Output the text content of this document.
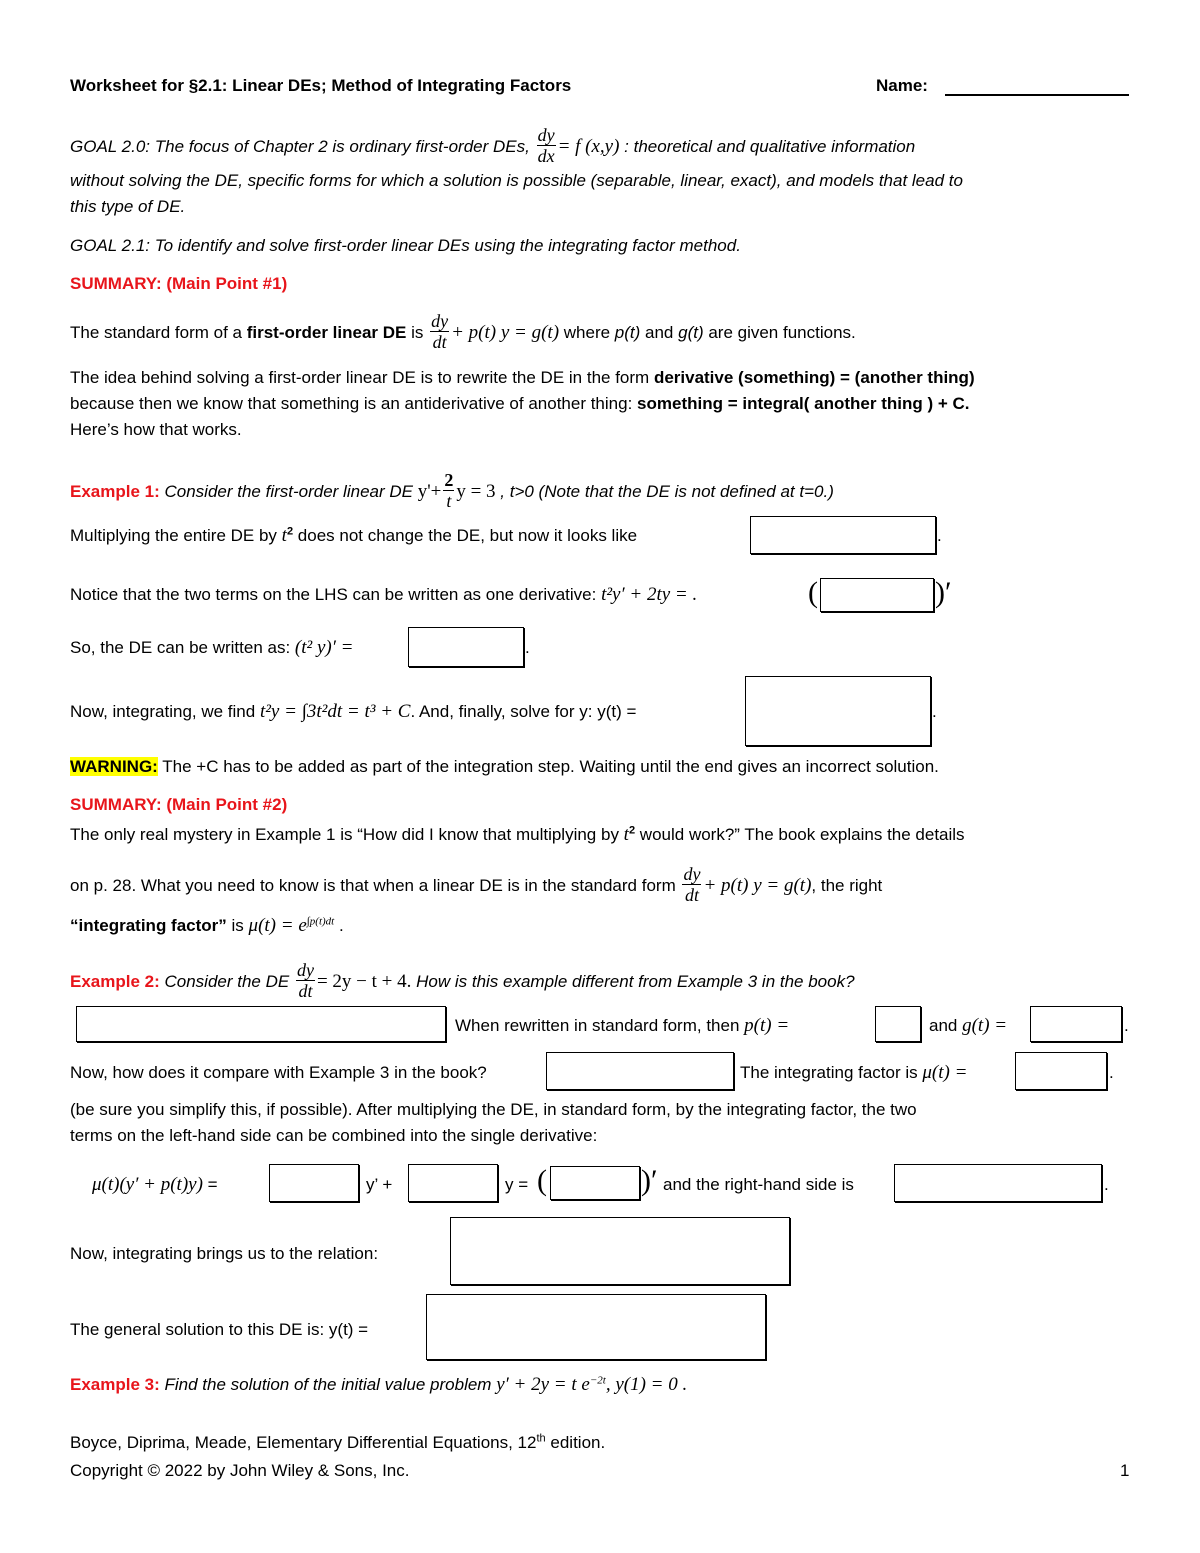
Worksheet for §2.1: Linear DEs; Method of Integrating Factors	Name:
GOAL 2.0: The focus of Chapter 2 is ordinary first-order DEs, $\frac{dy}{dx} = f$ (x,y) : theoretical and qualitative information
without solving the DE, specific forms for which a solution is possible (separable, linear, exact), and models that lead to
this type of DE.
GOAL 2.1: To identify and solve first-order linear DEs using the integrating factor method.
SUMMARY: (Main Point #1)
The standard form of a first-order linear DE is $\frac{dy}{dt} + p(t) y = g(t)$ where p(t) and g(t) are given functions.
The idea behind solving a first-order linear DE is to rewrite the DE in the form derivative (something) = (another thing)
because then we know that something is an antiderivative of another thing: something = integral( another thing ) + C.
Here’s how that works.
Example 1: Consider the first-order linear DE $y'+ \frac{2}{t}$ y = 3 , t>0 (Note that the DE is not defined at t=0.)
Multiplying the entire DE by $t^2$ does not change the DE, but now it looks like	.
Notice that the two terms on the LHS can be written as one derivative: t²y′ + 2ty = .	(	)′
So, the DE can be written as: (t² y)′ =	.
Now, integrating, we find t²y = ∫3t²dt = t³ + C. And, finally, solve for y: y(t) =	.
WARNING: The +C has to be added as part of the integration step. Waiting until the end gives an incorrect solution.
SUMMARY: (Main Point #2)
The only real mystery in Example 1 is “How did I know that multiplying by $t^2$ would work?” The book explains the details
on p. 28. What you need to know is that when a linear DE is in the standard form $\frac{dy}{dt} + p(t) y = g(t)$, the right
“integrating factor” is $\mu(t) = e^{\int p(t)dt}$ .
Example 2: Consider the DE $\frac{dy}{dt} = 2y - t + 4$. How is this example different from Example 3 in the book?
When rewritten in standard form, then p(t) =	and g(t) =	.
Now, how does it compare with Example 3 in the book?	The integrating factor is μ(t) =	.
(be sure you simplify this, if possible). After multiplying the DE, in standard form, by the integrating factor, the two
terms on the left-hand side can be combined into the single derivative:
μ(t)(y′ + p(t)y) =	y’ +	y = (	)′ and the right-hand side is	.
Now, integrating brings us to the relation:
The general solution to this DE is: y(t) =
Example 3: Find the solution of the initial value problem y′ + 2y = t $e^{-2t}$, y(1) = 0 .
Boyce, Diprima, Meade, Elementary Differential Equations, 12th edition.
Copyright © 2022 by John Wiley & Sons, Inc.	1
